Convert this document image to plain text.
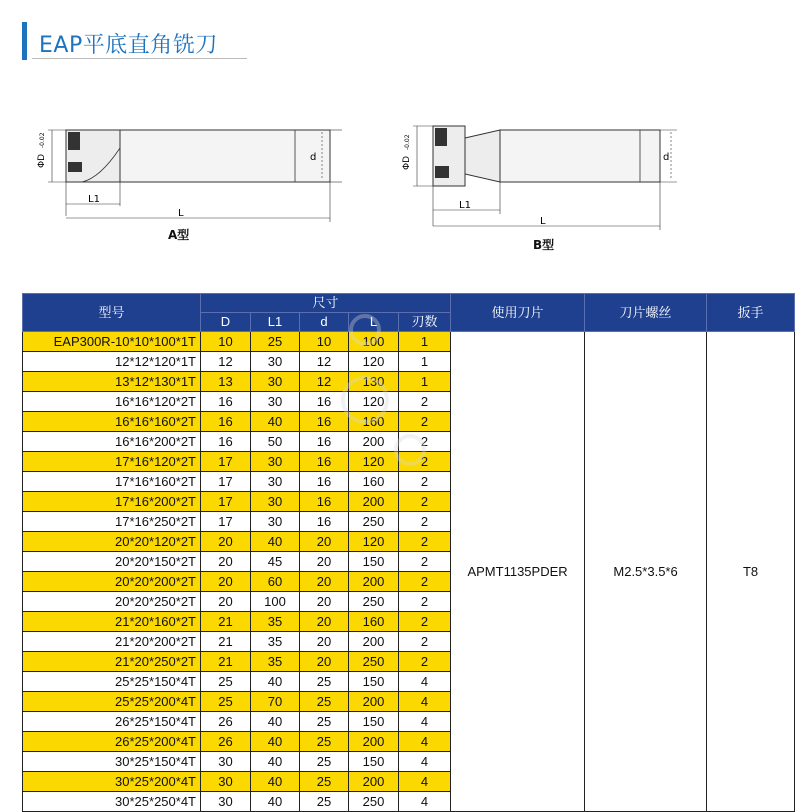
EAP平底直角铣刀
ΦD
-0.02
d
L1
L
A型
ΦD
-0.02
d
L1
L
B型
型号	尺寸					使用刀片	刀片螺丝	扳手
	D	L1	d	L	刃数			
EAP300R-10*10*100*1T	10	25	10	100	1	APMT1135PDER	M2.5*3.5*6	T8
12*12*120*1T	12	30	12	120	1			
13*12*130*1T	13	30	12	130	1			
16*16*120*2T	16	30	16	120	2			
16*16*160*2T	16	40	16	160	2			
16*16*200*2T	16	50	16	200	2			
17*16*120*2T	17	30	16	120	2			
17*16*160*2T	17	30	16	160	2			
17*16*200*2T	17	30	16	200	2			
17*16*250*2T	17	30	16	250	2			
20*20*120*2T	20	40	20	120	2			
20*20*150*2T	20	45	20	150	2			
20*20*200*2T	20	60	20	200	2			
20*20*250*2T	20	100	20	250	2			
21*20*160*2T	21	35	20	160	2			
21*20*200*2T	21	35	20	200	2			
21*20*250*2T	21	35	20	250	2			
25*25*150*4T	25	40	25	150	4			
25*25*200*4T	25	70	25	200	4			
26*25*150*4T	26	40	25	150	4			
26*25*200*4T	26	40	25	200	4			
30*25*150*4T	30	40	25	150	4			
30*25*200*4T	30	40	25	200	4			
30*25*250*4T	30	40	25	250	4			
